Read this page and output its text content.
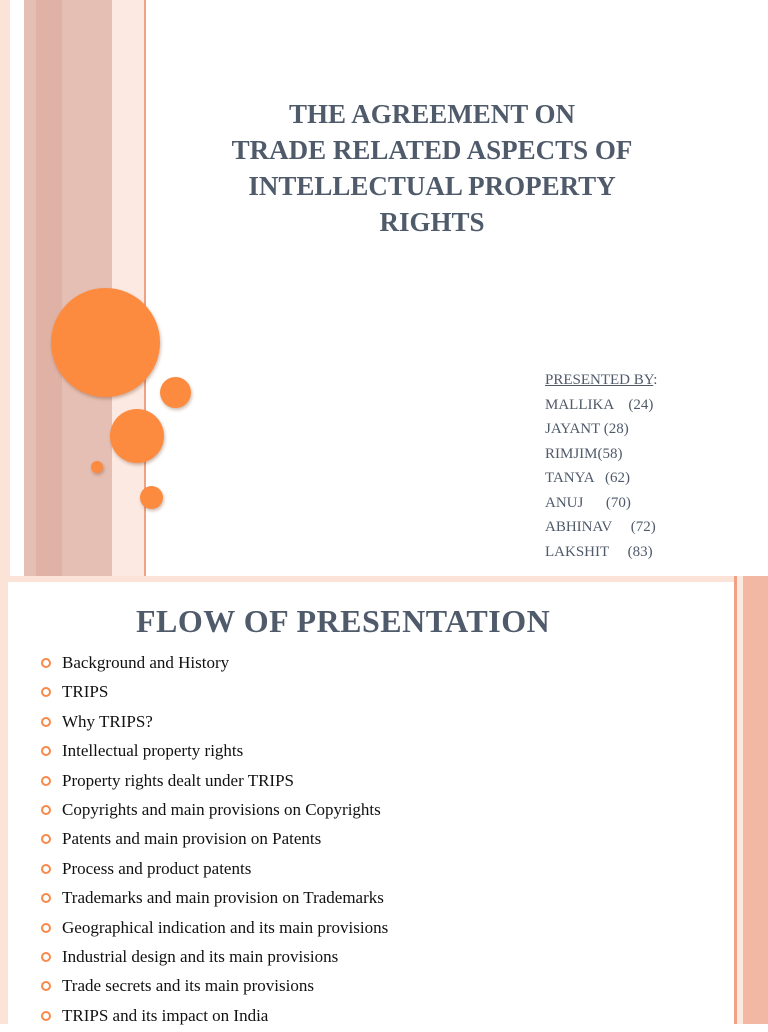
THE AGREEMENT ON
TRADE RELATED ASPECTS OF
INTELLECTUAL PROPERTY
RIGHTS
PRESENTED BY:
MALLIKA    (24)
JAYANT (28)
RIMJIM(58)
TANYA   (62)
ANUJ      (70)
ABHINAV     (72)
LAKSHIT     (83)
FLOW OF PRESENTATION
Background and History
TRIPS
Why TRIPS?
Intellectual property rights
Property rights dealt under TRIPS
Copyrights and main provisions on Copyrights
Patents and main provision on Patents
Process and product patents
Trademarks and main provision on Trademarks
Geographical indication and its main provisions
Industrial design and its main provisions
Trade secrets and its main provisions
TRIPS and its impact on India
